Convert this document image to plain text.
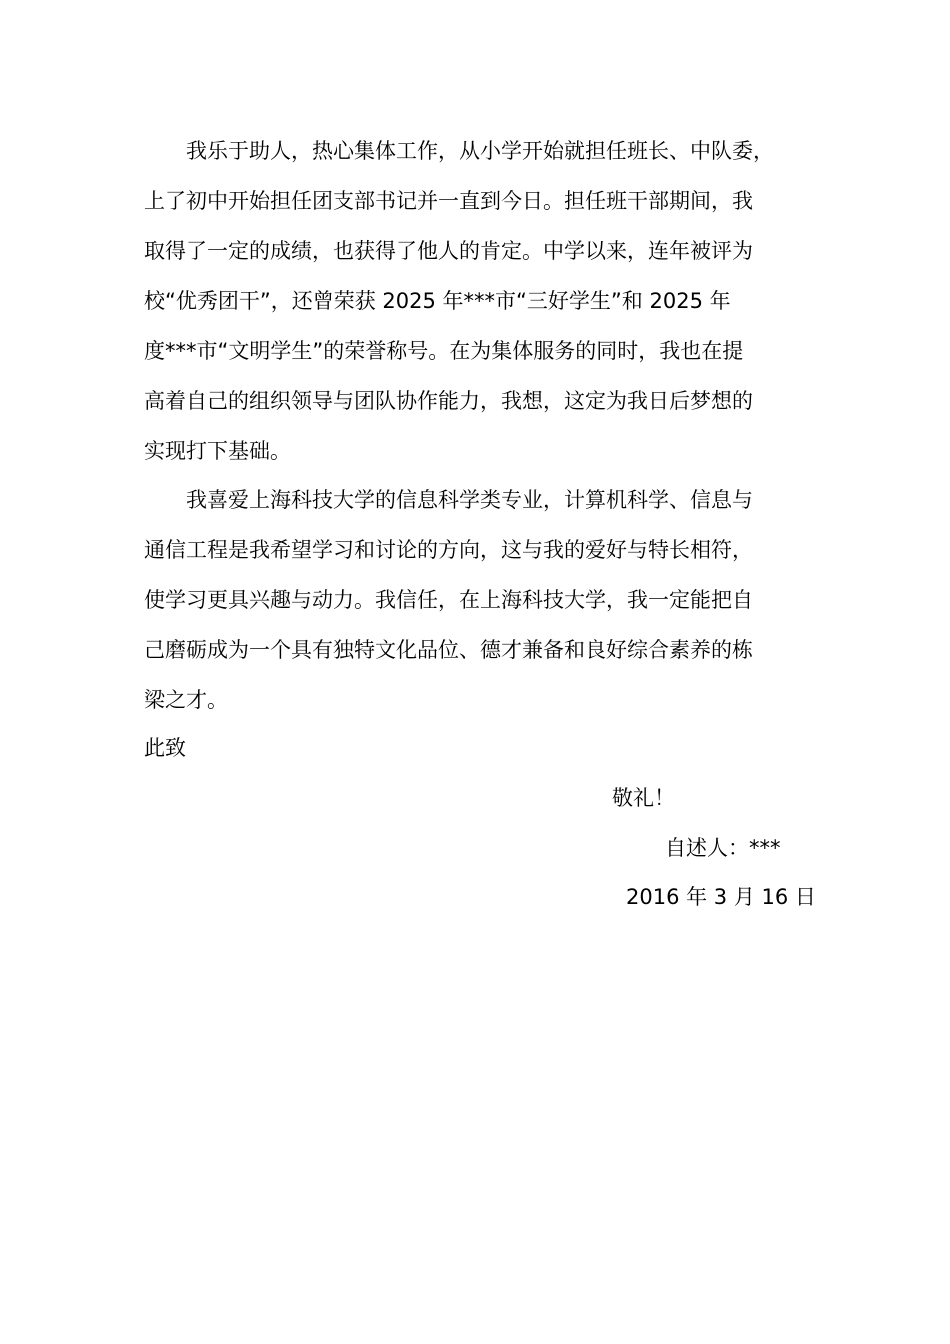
　　我乐于助人，热心集体工作，从小学开始就担任班长、中队委，
上了初中开始担任团支部书记并一直到今日。担任班干部期间，我
取得了一定的成绩，也获得了他人的肯定。中学以来，连年被评为
校“优秀团干”，还曾荣获 2025 年***市“三好学生”和 2025 年
度***市“文明学生”的荣誉称号。在为集体服务的同时，我也在提
高着自己的组织领导与团队协作能力，我想，这定为我日后梦想的
实现打下基础。
　　我喜爱上海科技大学的信息科学类专业，计算机科学、信息与
通信工程是我希望学习和讨论的方向，这与我的爱好与特长相符，
使学习更具兴趣与动力。我信任，在上海科技大学，我一定能把自
己磨砺成为一个具有独特文化品位、德才兼备和良好综合素养的栋
梁之才。
此致
敬礼！
自述人：***
2016 年 3 月 16 日
